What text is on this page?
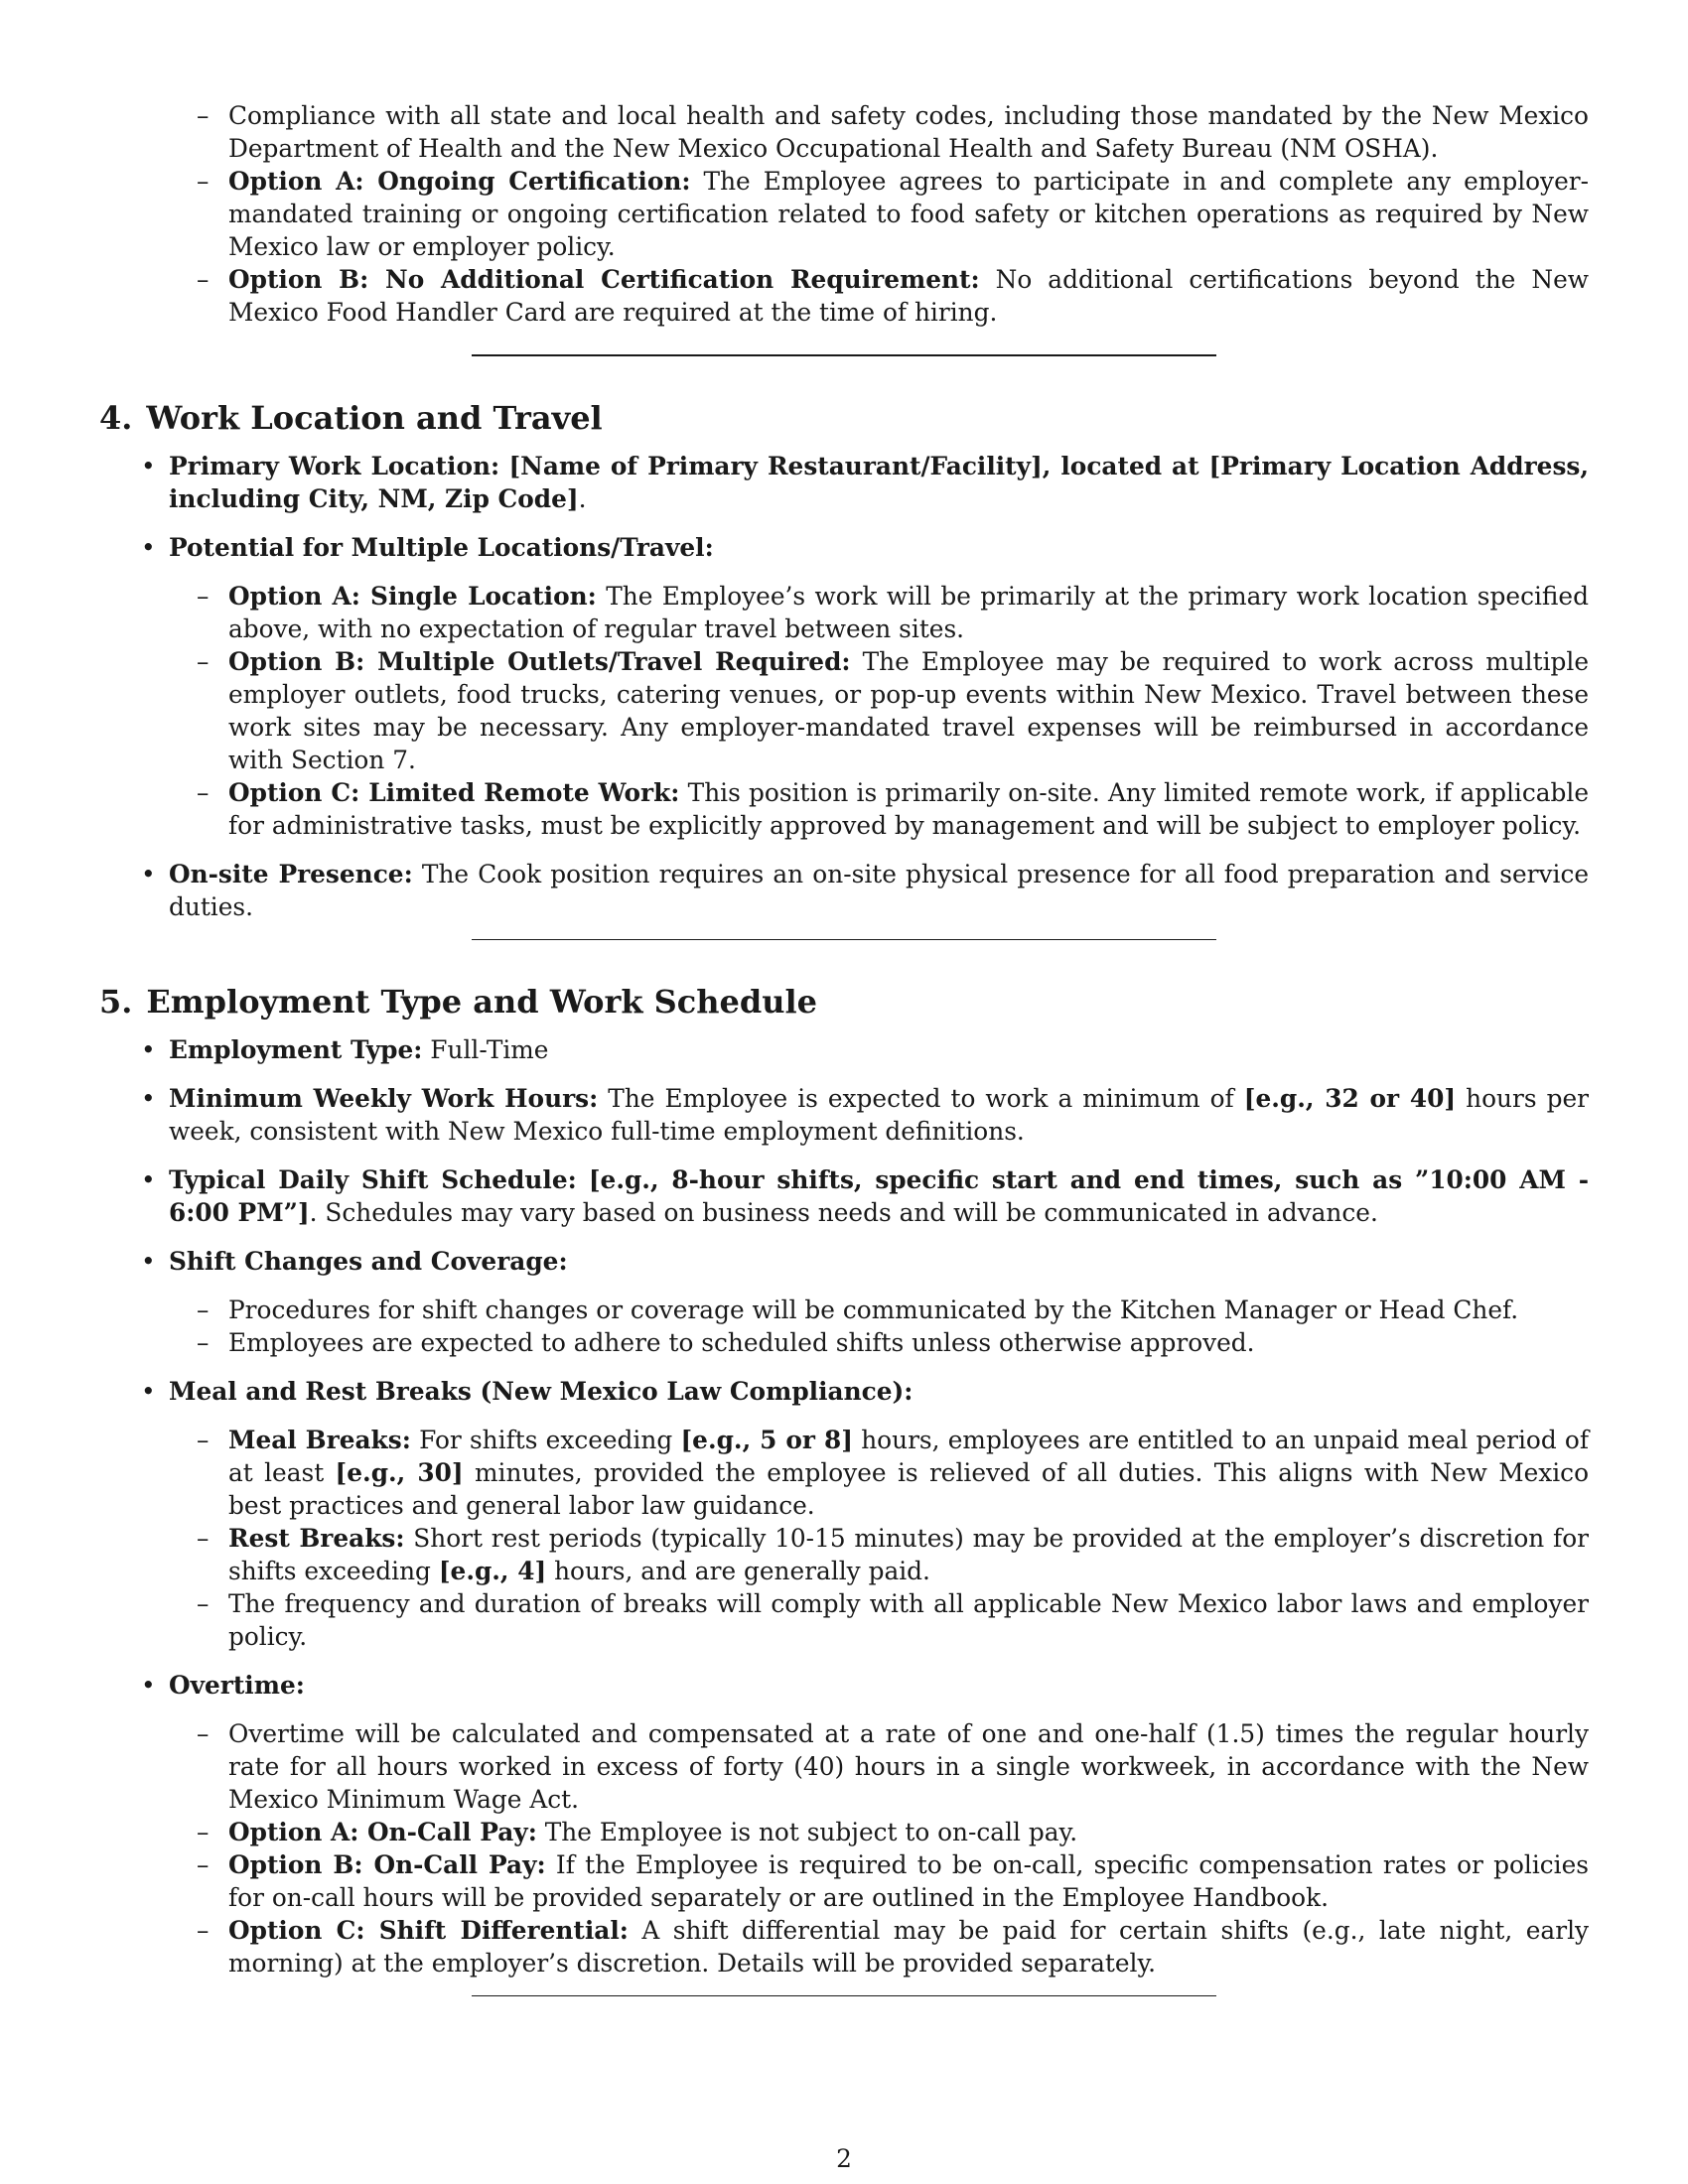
– Compliance with all state and local health and safety codes, including those mandated by the New Mexico Department of Health and the New Mexico Occupational Health and Safety Bureau (NM OSHA).
– Option A: Ongoing Certification: The Employee agrees to participate in and complete any employer-mandated training or ongoing certification related to food safety or kitchen operations as required by New Mexico law or employer policy.
– Option B: No Additional Certification Requirement: No additional certifications beyond the New Mexico Food Handler Card are required at the time of hiring.
4. Work Location and Travel
• Primary Work Location: [Name of Primary Restaurant/Facility], located at [Primary Location Address, including City, NM, Zip Code].
• Potential for Multiple Locations/Travel:
– Option A: Single Location: The Employee’s work will be primarily at the primary work location specified above, with no expectation of regular travel between sites.
– Option B: Multiple Outlets/Travel Required: The Employee may be required to work across multiple employer outlets, food trucks, catering venues, or pop-up events within New Mexico. Travel between these work sites may be necessary. Any employer-mandated travel expenses will be reimbursed in accordance with Section 7.
– Option C: Limited Remote Work: This position is primarily on-site. Any limited remote work, if applicable for administrative tasks, must be explicitly approved by management and will be subject to employer policy.
• On-site Presence: The Cook position requires an on-site physical presence for all food preparation and service duties.
5. Employment Type and Work Schedule
• Employment Type: Full-Time
• Minimum Weekly Work Hours: The Employee is expected to work a minimum of [e.g., 32 or 40] hours per week, consistent with New Mexico full-time employment definitions.
• Typical Daily Shift Schedule: [e.g., 8-hour shifts, specific start and end times, such as ”10:00 AM - 6:00 PM”]. Schedules may vary based on business needs and will be communicated in advance.
• Shift Changes and Coverage:
– Procedures for shift changes or coverage will be communicated by the Kitchen Manager or Head Chef.
– Employees are expected to adhere to scheduled shifts unless otherwise approved.
• Meal and Rest Breaks (New Mexico Law Compliance):
– Meal Breaks: For shifts exceeding [e.g., 5 or 8] hours, employees are entitled to an unpaid meal period of at least [e.g., 30] minutes, provided the employee is relieved of all duties. This aligns with New Mexico best practices and general labor law guidance.
– Rest Breaks: Short rest periods (typically 10-15 minutes) may be provided at the employer’s discretion for shifts exceeding [e.g., 4] hours, and are generally paid.
– The frequency and duration of breaks will comply with all applicable New Mexico labor laws and employer policy.
• Overtime:
– Overtime will be calculated and compensated at a rate of one and one-half (1.5) times the regular hourly rate for all hours worked in excess of forty (40) hours in a single workweek, in accordance with the New Mexico Minimum Wage Act.
– Option A: On-Call Pay: The Employee is not subject to on-call pay.
– Option B: On-Call Pay: If the Employee is required to be on-call, specific compensation rates or policies for on-call hours will be provided separately or are outlined in the Employee Handbook.
– Option C: Shift Differential: A shift differential may be paid for certain shifts (e.g., late night, early morning) at the employer’s discretion. Details will be provided separately.
2
